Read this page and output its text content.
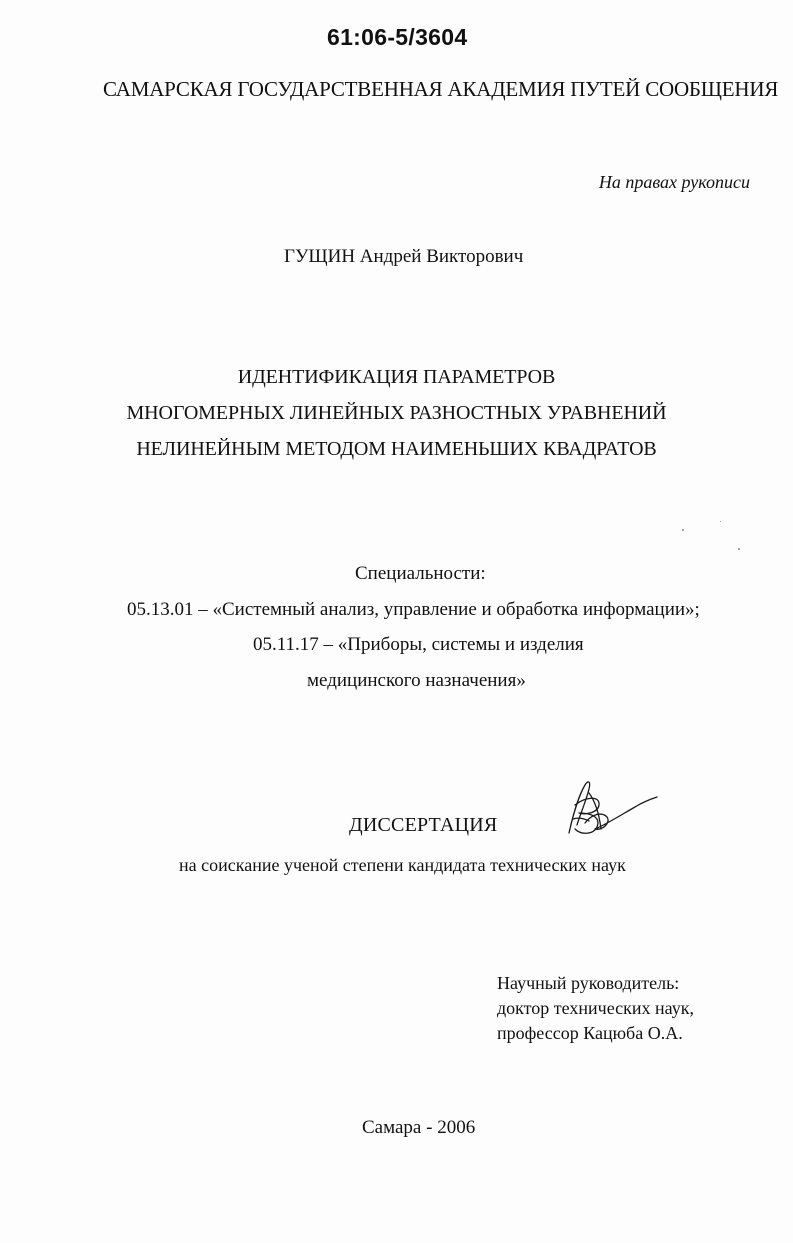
61:06-5/3604
САМАРСКАЯ ГОСУДАРСТВЕННАЯ АКАДЕМИЯ ПУТЕЙ СООБЩЕНИЯ
На правах рукописи
ГУЩИН Андрей Викторович
ИДЕНТИФИКАЦИЯ ПАРАМЕТРОВ
МНОГОМЕРНЫХ ЛИНЕЙНЫХ РАЗНОСТНЫХ УРАВНЕНИЙ
НЕЛИНЕЙНЫМ МЕТОДОМ НАИМЕНЬШИХ КВАДРАТОВ
Специальности:
05.13.01 – «Системный анализ, управление и обработка информации»;
05.11.17 – «Приборы, системы и изделия
медицинского назначения»
ДИССЕРТАЦИЯ
на соискание ученой степени кандидата технических наук
Научный руководитель:
доктор технических наук,
профессор Кацюба О.А.
Самара - 2006
